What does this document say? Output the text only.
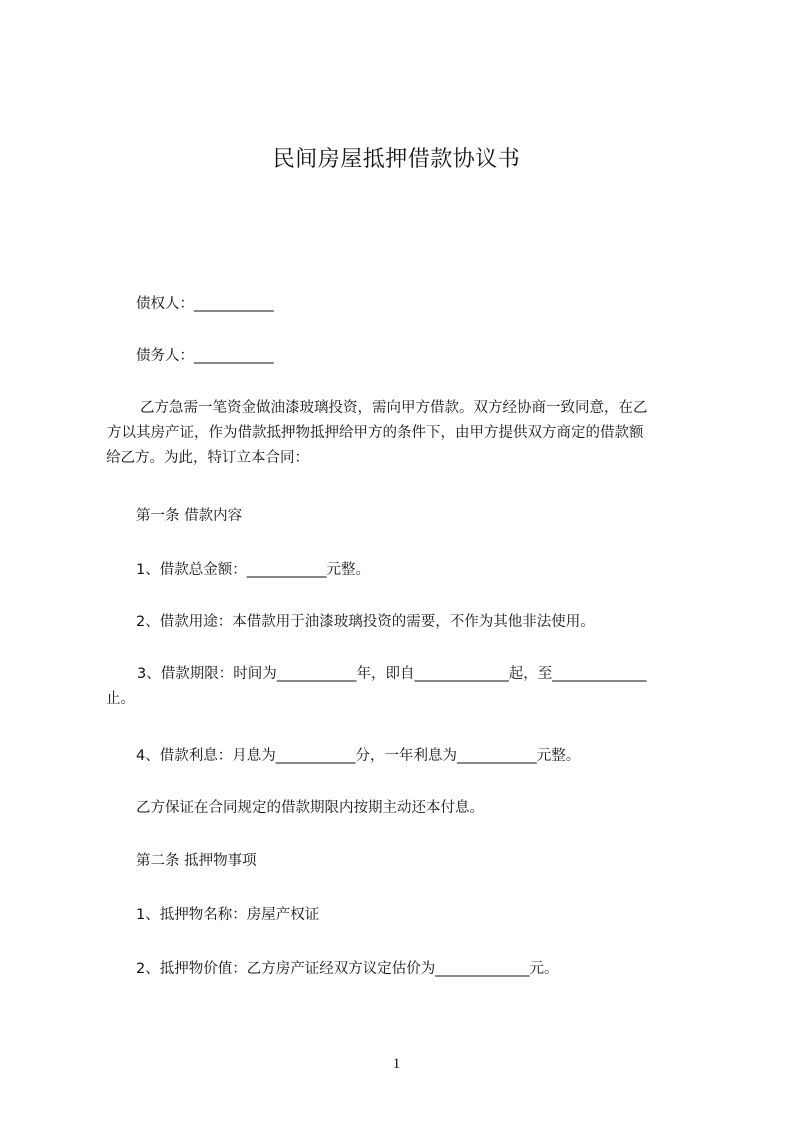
民间房屋抵押借款协议书
债权人：___________
债务人：___________
乙方急需一笔资金做油漆玻璃投资，需向甲方借款。双方经协商一致同意，在乙
方以其房产证，作为借款抵押物抵押给甲方的条件下，由甲方提供双方商定的借款额
给乙方。为此，特订立本合同：
第一条 借款内容
1、借款总金额：___________元整。
2、借款用途：本借款用于油漆玻璃投资的需要，不作为其他非法使用。
3、借款期限：时间为___________年，即自_____________起，至_____________
止。
4、借款利息：月息为___________分，一年利息为___________元整。
乙方保证在合同规定的借款期限内按期主动还本付息。
第二条 抵押物事项
1、抵押物名称：房屋产权证
2、抵押物价值：乙方房产证经双方议定估价为_____________元。
1
